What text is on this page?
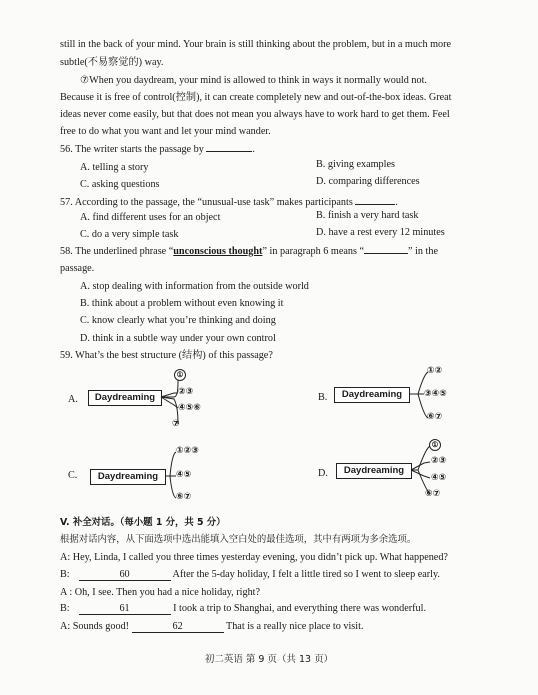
still in the back of your mind. Your brain is still thinking about the problem, but in a much more
subtle(不易察觉的) way.
⑦When you daydream, your mind is allowed to think in ways it normally would not.
Because it is free of control(控制), it can create completely new and out-of-the-box ideas. Great
ideas never come easily, but that does not mean you always have to work hard to get them. Feel
free to do what you want and let your mind wander.
56. The writer starts the passage by	.
A. telling a story	B. giving examples
C. asking questions	D. comparing differences
57. According to the passage, the “unusual-use task” makes participants	.
A. find different uses for an object	B. finish a very hard task
C. do a very simple task	D. have a rest every 12 minutes
58. The underlined phrase “unconscious thought” in paragraph 6 means “	” in the
passage.
A. stop dealing with information from the outside world
B. think about a problem without even knowing it
C. know clearly what you’re thinking and doing
D. think in a subtle way under your own control
59. What’s the best structure (结构) of this passage?
A.	Daydreaming
①
②③
④⑤⑥
⑦
B.	Daydreaming
①②
③④⑤
⑥⑦
C.	Daydreaming
①②③
④⑤
⑥⑦
D.	Daydreaming
①
②③
④⑤
⑥⑦
V. 补全对话。（每小题 1 分，共 5 分）
根据对话内容，从下面选项中选出能填入空白处的最佳选项，其中有两项为多余选项。
A: Hey, Linda, I called you three times yesterday evening, you didn’t pick up. What happened?
B:	60	After the 5-day holiday, I felt a little tired so I went to sleep early.
A : Oh, I see. Then you had a nice holiday, right?
B:	61	I took a trip to Shanghai, and everything there was wonderful.
A: Sounds good!	62	That is a really nice place to visit.
初二英语 第 9 页（共 13 页）
